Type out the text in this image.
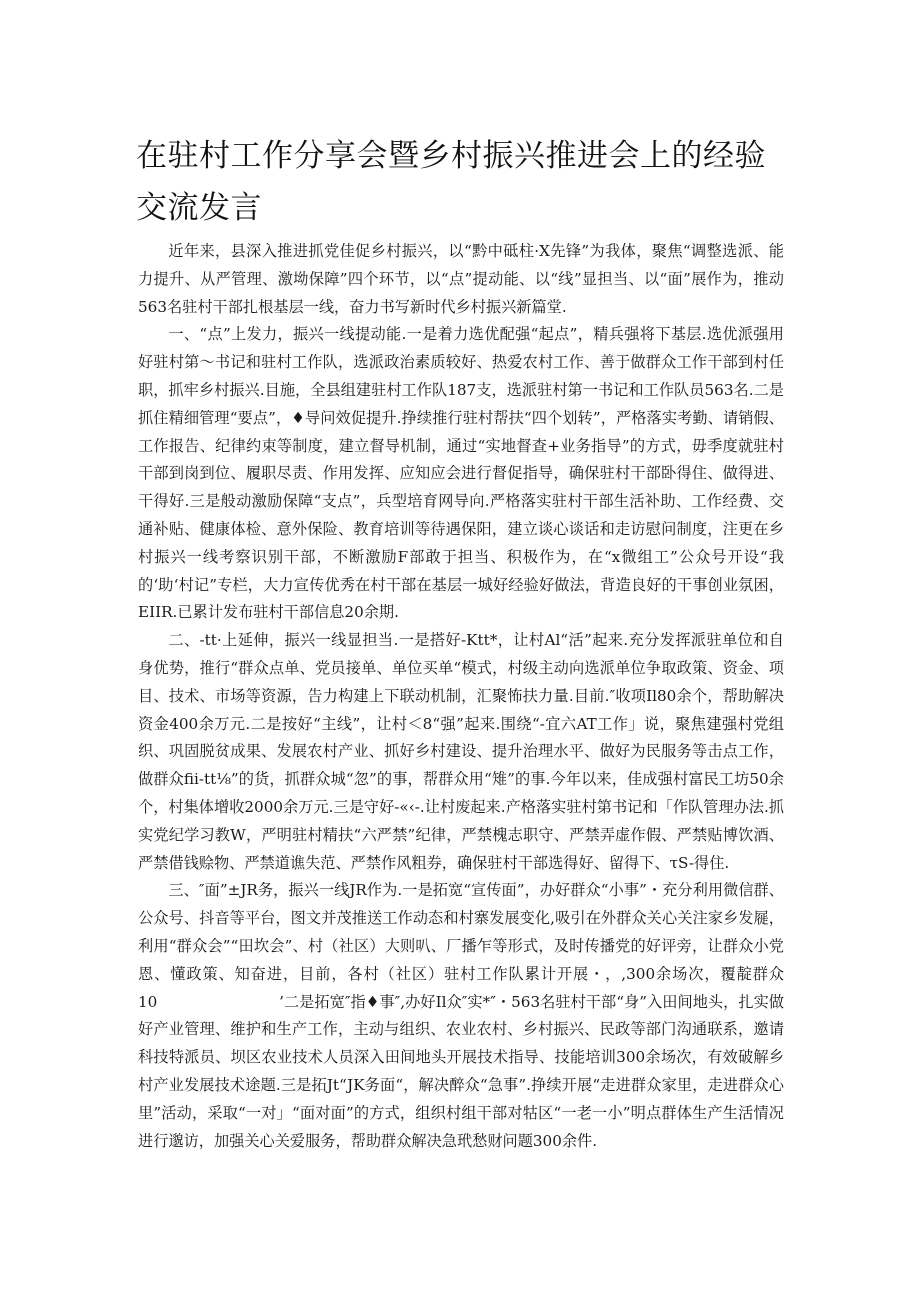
在驻村工作分享会暨乡村振兴推进会上的经验交流发言

近年来，县深入推进抓党佳促乡村振兴，以“黔中砥柱·X先锋”为我体，聚焦“调整选派、能力提升、从严管理、激坳保障”四个环节，以“点”提动能、以“线”显担当、以“面”展作为，推动563名驻村干部扎根基层一线，奋力书写新时代乡村振兴新篇堂.

一、“点”上发力，振兴一线提动能.一是着力选优配强“起点”，精兵强将下基层.选优派强用好驻村第～书记和驻村工作队，选派政治素质较好、热爱农村工作、善于做群众工作干部到村任职，抓牢乡村振兴.目施，全县组建驻村工作队187支，选派驻村第一书记和工作队员563名.二是抓住精细管理“要点”，♦导问效促提升.挣续推行驻村帮扶“四个划转”，严格落实考勤、请销假、工作报告、纪律约束等制度，建立督导机制，通过“实地督查+业务指导”的方式，毋季度就驻村干部到岗到位、履职尽责、作用发挥、应知应会进行督促指导，确保驻村干部卧得住、做得进、干得好.三是般动激励保障“支点”，兵型培育网导向.严格落实驻村干部生活补助、工作经费、交通补贴、健康体检、意外保险、教育培训等待遇保阳，建立谈心谈话和走访慰问制度，注更在乡村振兴一线考察识别干部，不断激励F部敢于担当、积极作为，在“x微组工”公众号开设“我的‘助‘村记”专栏，大力宣传优秀在村干部在基层一城好经验好做法，背造良好的干事创业氛困，EIIR.已累计发布驻村干部信息20余期.

二、-tt·上延伸，振兴一线显担当.一是搭好-Ktt*，让村Al“活”起来.充分发挥派驻单位和自身优势，推行“群众点单、党员接单、单位买单“模式，村级主动向选派单位争取政策、资金、项目、技术、市场等资源，告力构建上下联动机制，汇聚怖扶力量.目前.″收项Il80余个，帮助解决资金400余万元.二是按好“主线”，让村＜8“强”起来.围绕“-宜六AT工作」说，聚焦建强村党组织、巩固脱贫成果、发展农村产业、抓好乡村建设、提升治理水平、做好为民服务等击点工作，做群众fii-tt⅛”的货，抓群众城“忽”的事，帮群众用“雉”的事.今年以来，佳成强村富民工坊50余个，村集体增收2000余万元.三是守好-«‹-.让村废起来.产格落实驻村第书记和「作队管理办法.抓实党纪学习教W，严明驻村精扶“六严禁”纪律，严禁槐志职守、严禁弄虚作假、严禁贴博饮酒、严禁借钱赊物、严禁道谯失范、严禁作风粗券，确保驻村干部选得好、留得下、τS-得住.

三、″面”±JR务，振兴一线JR作为.一是拓宽“宣传面”，办好群众“小事”・充分利用微信群、公众号、抖音等平台，图文并茂推送工作动态和村寨发展变化,吸引在外群众关心关注家乡发屣，利用“群众会”“田坎会”、村（社区）大则叭、厂播乍等形式，及时传播党的好评旁，让群众小党恩、懂政策、知奋进，目前，各村（社区）驻村工作队累计开展・，,300余场次，覆靛群众10　　　　　　　　’二是拓宽″指♦事″,办好Il众″实*″・563名驻村干部“身”入田间地头，扎实做好产业管理、维护和生产工作，主动与组织、农业农村、乡村振兴、民政等部门沟通联系，邀请科技特派员、坝区农业技术人员深入田间地头开展技术指导、技能培训300余场次，有效破解乡村产业发展技术途题.三是拓Jt“JK务面“，解决醉众“急事”.挣续开展“走进群众家里，走进群众心里”活动，采取“一对」“面对面”的方式，组织村组干部对牯区“一老一小”明点群体生产生活情况进行邈访，加强关心关爱服务，帮助群众解决急玳愁财问题300余件.
